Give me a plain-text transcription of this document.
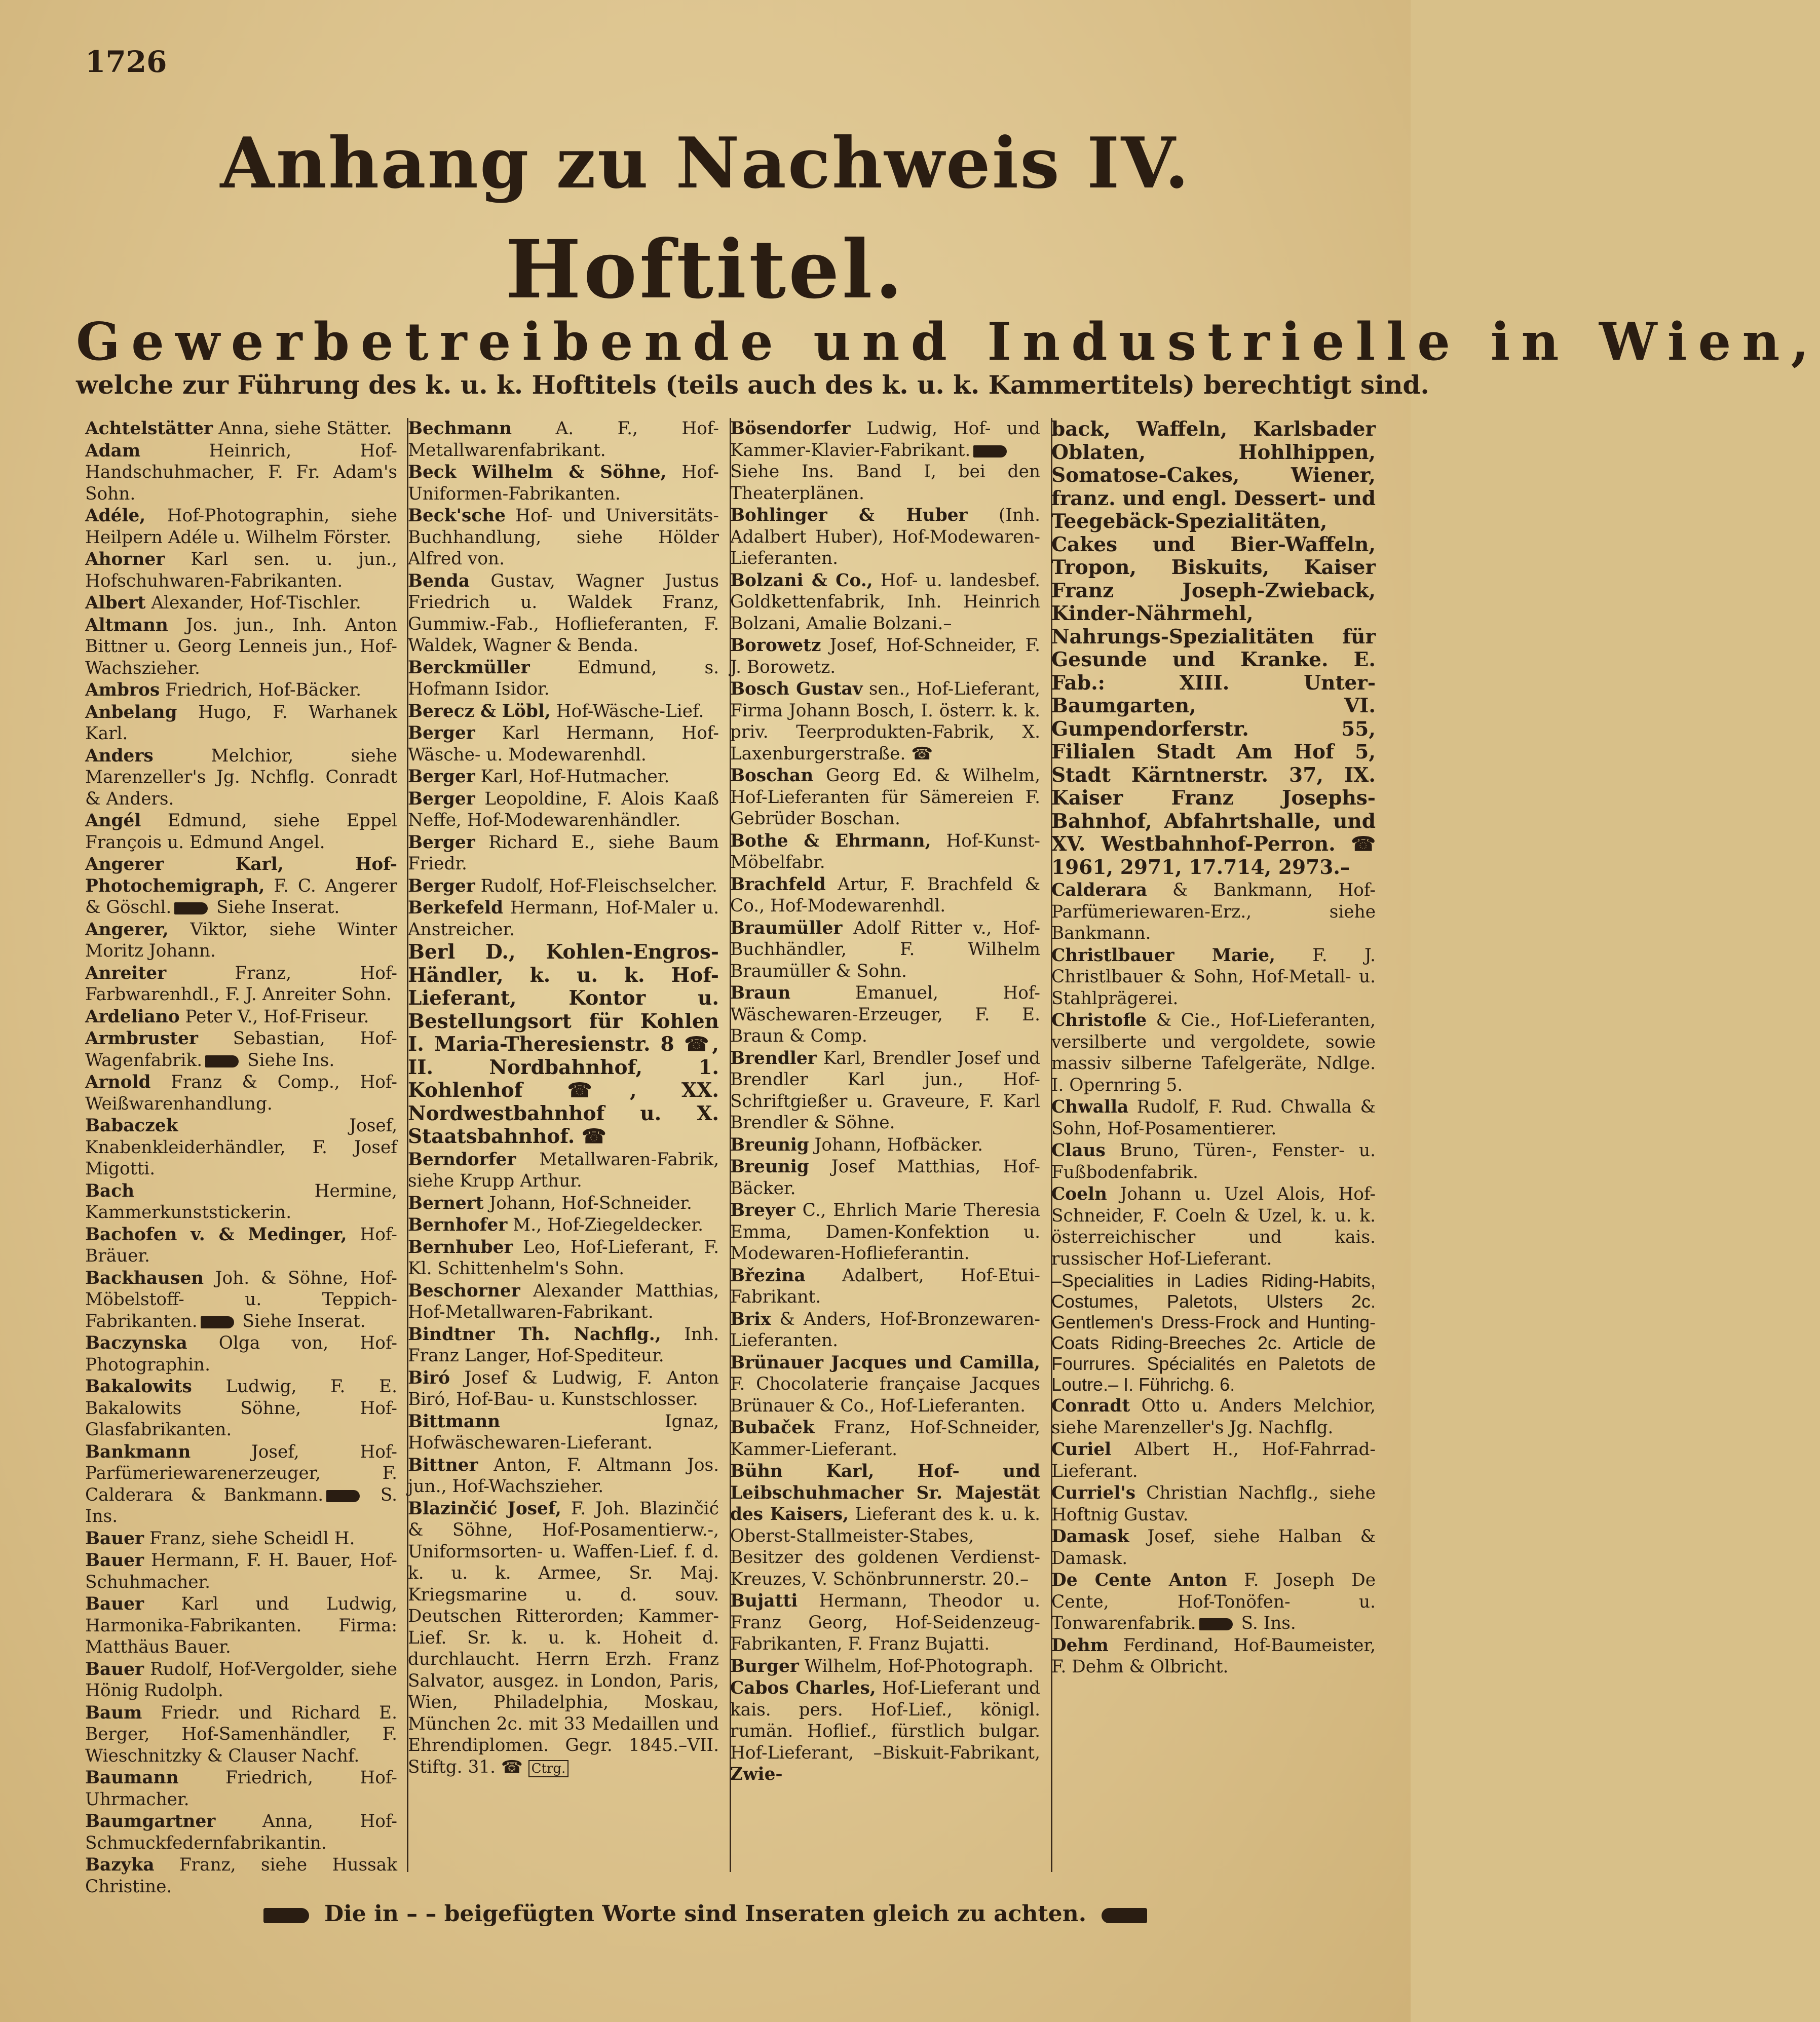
1726
Anhang zu Nachweis IV.
Hoftitel.
Gewerbetreibende und Industrielle in Wien,
welche zur Führung des k. u. k. Hoftitels (teils auch des k. u. k. Kammertitels) berechtigt sind.
Achtelstätter Anna, siehe Stätter.
Adam Heinrich, Hof-Handschuhmacher, F. Fr. Adam's Sohn.
Adéle, Hof-Photographin, siehe Heilpern Adéle u. Wilhelm Förster.
Ahorner Karl sen. u. jun., Hofschuhwaren-Fabrikanten.
Albert Alexander, Hof-Tischler.
Altmann Jos. jun., Inh. Anton Bittner u. Georg Lenneis jun., Hof-Wachszieher.
Ambros Friedrich, Hof-Bäcker.
Anbelang Hugo, F. Warhanek Karl.
Anders Melchior, siehe Marenzeller's Jg. Nchflg. Conradt & Anders.
Angél Edmund, siehe Eppel François u. Edmund Angel.
Angerer Karl, Hof-Photochemigraph, F. C. Angerer & Göschl. Siehe Inserat.
Angerer, Viktor, siehe Winter Moritz Johann.
Anreiter Franz, Hof-Farbwarenhdl., F. J. Anreiter Sohn.
Ardeliano Peter V., Hof-Friseur.
Armbruster Sebastian, Hof-Wagenfabrik. Siehe Ins.
Arnold Franz & Comp., Hof-Weißwarenhandlung.
Babaczek Josef, Knabenkleiderhändler, F. Josef Migotti.
Bach Hermine, Kammerkunststickerin.
Bachofen v. & Medinger, Hof-Bräuer.
Backhausen Joh. & Söhne, Hof-Möbelstoff- u. Teppich-Fabrikanten. Siehe Inserat.
Baczynska Olga von, Hof-Photographin.
Bakalowits Ludwig, F. E. Bakalowits Söhne, Hof-Glasfabrikanten.
Bankmann Josef, Hof-Parfümeriewarenerzeuger, F. Calderara & Bankmann. S. Ins.
Bauer Franz, siehe Scheidl H.
Bauer Hermann, F. H. Bauer, Hof-Schuhmacher.
Bauer Karl und Ludwig, Harmonika-Fabrikanten. Firma: Matthäus Bauer.
Bauer Rudolf, Hof-Vergolder, siehe Hönig Rudolph.
Baum Friedr. und Richard E. Berger, Hof-Samenhändler, F. Wieschnitzky & Clauser Nachf.
Baumann Friedrich, Hof-Uhrmacher.
Baumgartner Anna, Hof-Schmuckfedernfabrikantin.
Bazyka Franz, siehe Hussak Christine.
Bechmann A. F., Hof-Metallwarenfabrikant.
Beck Wilhelm & Söhne, Hof-Uniformen-Fabrikanten.
Beck'sche Hof- und Universitäts-Buchhandlung, siehe Hölder Alfred von.
Benda Gustav, Wagner Justus Friedrich u. Waldek Franz, Gummiw.-Fab., Hoflieferanten, F. Waldek, Wagner & Benda.
Berckmüller Edmund, s. Hofmann Isidor.
Berecz & Löbl, Hof-Wäsche-Lief.
Berger Karl Hermann, Hof-Wäsche- u. Modewarenhdl.
Berger Karl, Hof-Hutmacher.
Berger Leopoldine, F. Alois Kaaß Neffe, Hof-Modewarenhändler.
Berger Richard E., siehe Baum Friedr.
Berger Rudolf, Hof-Fleischselcher.
Berkefeld Hermann, Hof-Maler u. Anstreicher.
Berl D., Kohlen-Engros-Händler, k. u. k. Hof-Lieferant, Kontor u. Bestellungsort für Kohlen I. Maria-Theresienstr. 8 ☎, II. Nordbahnhof, 1. Kohlenhof ☎, XX. Nordwestbahnhof u. X. Staatsbahnhof. ☎
Berndorfer Metallwaren-Fabrik, siehe Krupp Arthur.
Bernert Johann, Hof-Schneider.
Bernhofer M., Hof-Ziegeldecker.
Bernhuber Leo, Hof-Lieferant, F. Kl. Schittenhelm's Sohn.
Beschorner Alexander Matthias, Hof-Metallwaren-Fabrikant.
Bindtner Th. Nachflg., Inh. Franz Langer, Hof-Spediteur.
Biró Josef & Ludwig, F. Anton Biró, Hof-Bau- u. Kunstschlosser.
Bittmann Ignaz, Hofwäschewaren-Lieferant.
Bittner Anton, F. Altmann Jos. jun., Hof-Wachszieher.
Blazinčić Josef, F. Joh. Blazinčić & Söhne, Hof-Posamentierw.-, Uniformsorten- u. Waffen-Lief. f. d. k. u. k. Armee, Sr. Maj. Kriegsmarine u. d. souv. Deutschen Ritterorden; Kammer-Lief. Sr. k. u. k. Hoheit d. durchlaucht. Herrn Erzh. Franz Salvator, ausgez. in London, Paris, Wien, Philadelphia, Moskau, München 2c. mit 33 Medaillen und Ehrendiplomen. Gegr. 1845.–VII. Stiftg. 31. ☎ Ctrg.
Bösendorfer Ludwig, Hof- und Kammer-Klavier-Fabrikant. Siehe Ins. Band I, bei den Theaterplänen.
Bohlinger & Huber (Inh. Adalbert Huber), Hof-Modewaren-Lieferanten.
Bolzani & Co., Hof- u. landesbef. Goldkettenfabrik, Inh. Heinrich Bolzani, Amalie Bolzani.–
Borowetz Josef, Hof-Schneider, F. J. Borowetz.
Bosch Gustav sen., Hof-Lieferant, Firma Johann Bosch, I. österr. k. k. priv. Teerprodukten-Fabrik, X. Laxenburgerstraße. ☎
Boschan Georg Ed. & Wilhelm, Hof-Lieferanten für Sämereien F. Gebrüder Boschan.
Bothe & Ehrmann, Hof-Kunst-Möbelfabr.
Brachfeld Artur, F. Brachfeld & Co., Hof-Modewarenhdl.
Braumüller Adolf Ritter v., Hof-Buchhändler, F. Wilhelm Braumüller & Sohn.
Braun Emanuel, Hof-Wäschewaren-Erzeuger, F. E. Braun & Comp.
Brendler Karl, Brendler Josef und Brendler Karl jun., Hof-Schriftgießer u. Graveure, F. Karl Brendler & Söhne.
Breunig Johann, Hofbäcker.
Breunig Josef Matthias, Hof-Bäcker.
Breyer C., Ehrlich Marie Theresia Emma, Damen-Konfektion u. Modewaren-Hoflieferantin.
Březina Adalbert, Hof-Etui-Fabrikant.
Brix & Anders, Hof-Bronzewaren-Lieferanten.
Brünauer Jacques und Camilla, F. Chocolaterie française Jacques Brünauer & Co., Hof-Lieferanten.
Bubaček Franz, Hof-Schneider, Kammer-Lieferant.
Bühn Karl, Hof- und Leibschuhmacher Sr. Majestät des Kaisers, Lieferant des k. u. k. Oberst-Stallmeister-Stabes, Besitzer des goldenen Verdienst-Kreuzes, V. Schönbrunnerstr. 20.–
Bujatti Hermann, Theodor u. Franz Georg, Hof-Seidenzeug-Fabrikanten, F. Franz Bujatti.
Burger Wilhelm, Hof-Photograph.
Cabos Charles, Hof-Lieferant und kais. pers. Hof-Lief., königl. rumän. Hoflief., fürstlich bulgar. Hof-Lieferant, –Biskuit-Fabrikant, Zwie-
back, Waffeln, Karlsbader Oblaten, Hohlhippen, Somatose-Cakes, Wiener, franz. und engl. Dessert- und Teegebäck-Spezialitäten, Cakes und Bier-Waffeln, Tropon, Biskuits, Kaiser Franz Joseph-Zwieback, Kinder-Nährmehl, Nahrungs-Spezialitäten für Gesunde und Kranke. E. Fab.: XIII. Unter-Baumgarten, VI. Gumpendorferstr. 55, Filialen Stadt Am Hof 5, Stadt Kärntnerstr. 37, IX. Kaiser Franz Josephs-Bahnhof, Abfahrtshalle, und XV. Westbahnhof-Perron. ☎ 1961, 2971, 17.714, 2973.–
Calderara & Bankmann, Hof-Parfümeriewaren-Erz., siehe Bankmann.
Christlbauer Marie, F. J. Christlbauer & Sohn, Hof-Metall- u. Stahlprägerei.
Christofle & Cie., Hof-Lieferanten, versilberte und vergoldete, sowie massiv silberne Tafelgeräte, Ndlge. I. Opernring 5.
Chwalla Rudolf, F. Rud. Chwalla & Sohn, Hof-Posamentierer.
Claus Bruno, Türen-, Fenster- u. Fußbodenfabrik.
Coeln Johann u. Uzel Alois, Hof-Schneider, F. Coeln & Uzel, k. u. k. österreichischer und kais. russischer Hof-Lieferant.
–Specialities in Ladies Riding-Habits, Costumes, Paletots, Ulsters 2c. Gentlemen's Dress-Frock and Hunting-Coats Riding-Breeches 2c. Article de Fourrures. Spécialités en Paletots de Loutre.– I. Führichg. 6.
Conradt Otto u. Anders Melchior, siehe Marenzeller's Jg. Nachflg.
Curiel Albert H., Hof-Fahrrad-Lieferant.
Curriel's Christian Nachflg., siehe Hoftnig Gustav.
Damask Josef, siehe Halban & Damask.
De Cente Anton F. Joseph De Cente, Hof-Tonöfen- u. Tonwarenfabrik. S. Ins.
Dehm Ferdinand, Hof-Baumeister, F. Dehm & Olbricht.
Die in – – beigefügten Worte sind Inseraten gleich zu achten.
